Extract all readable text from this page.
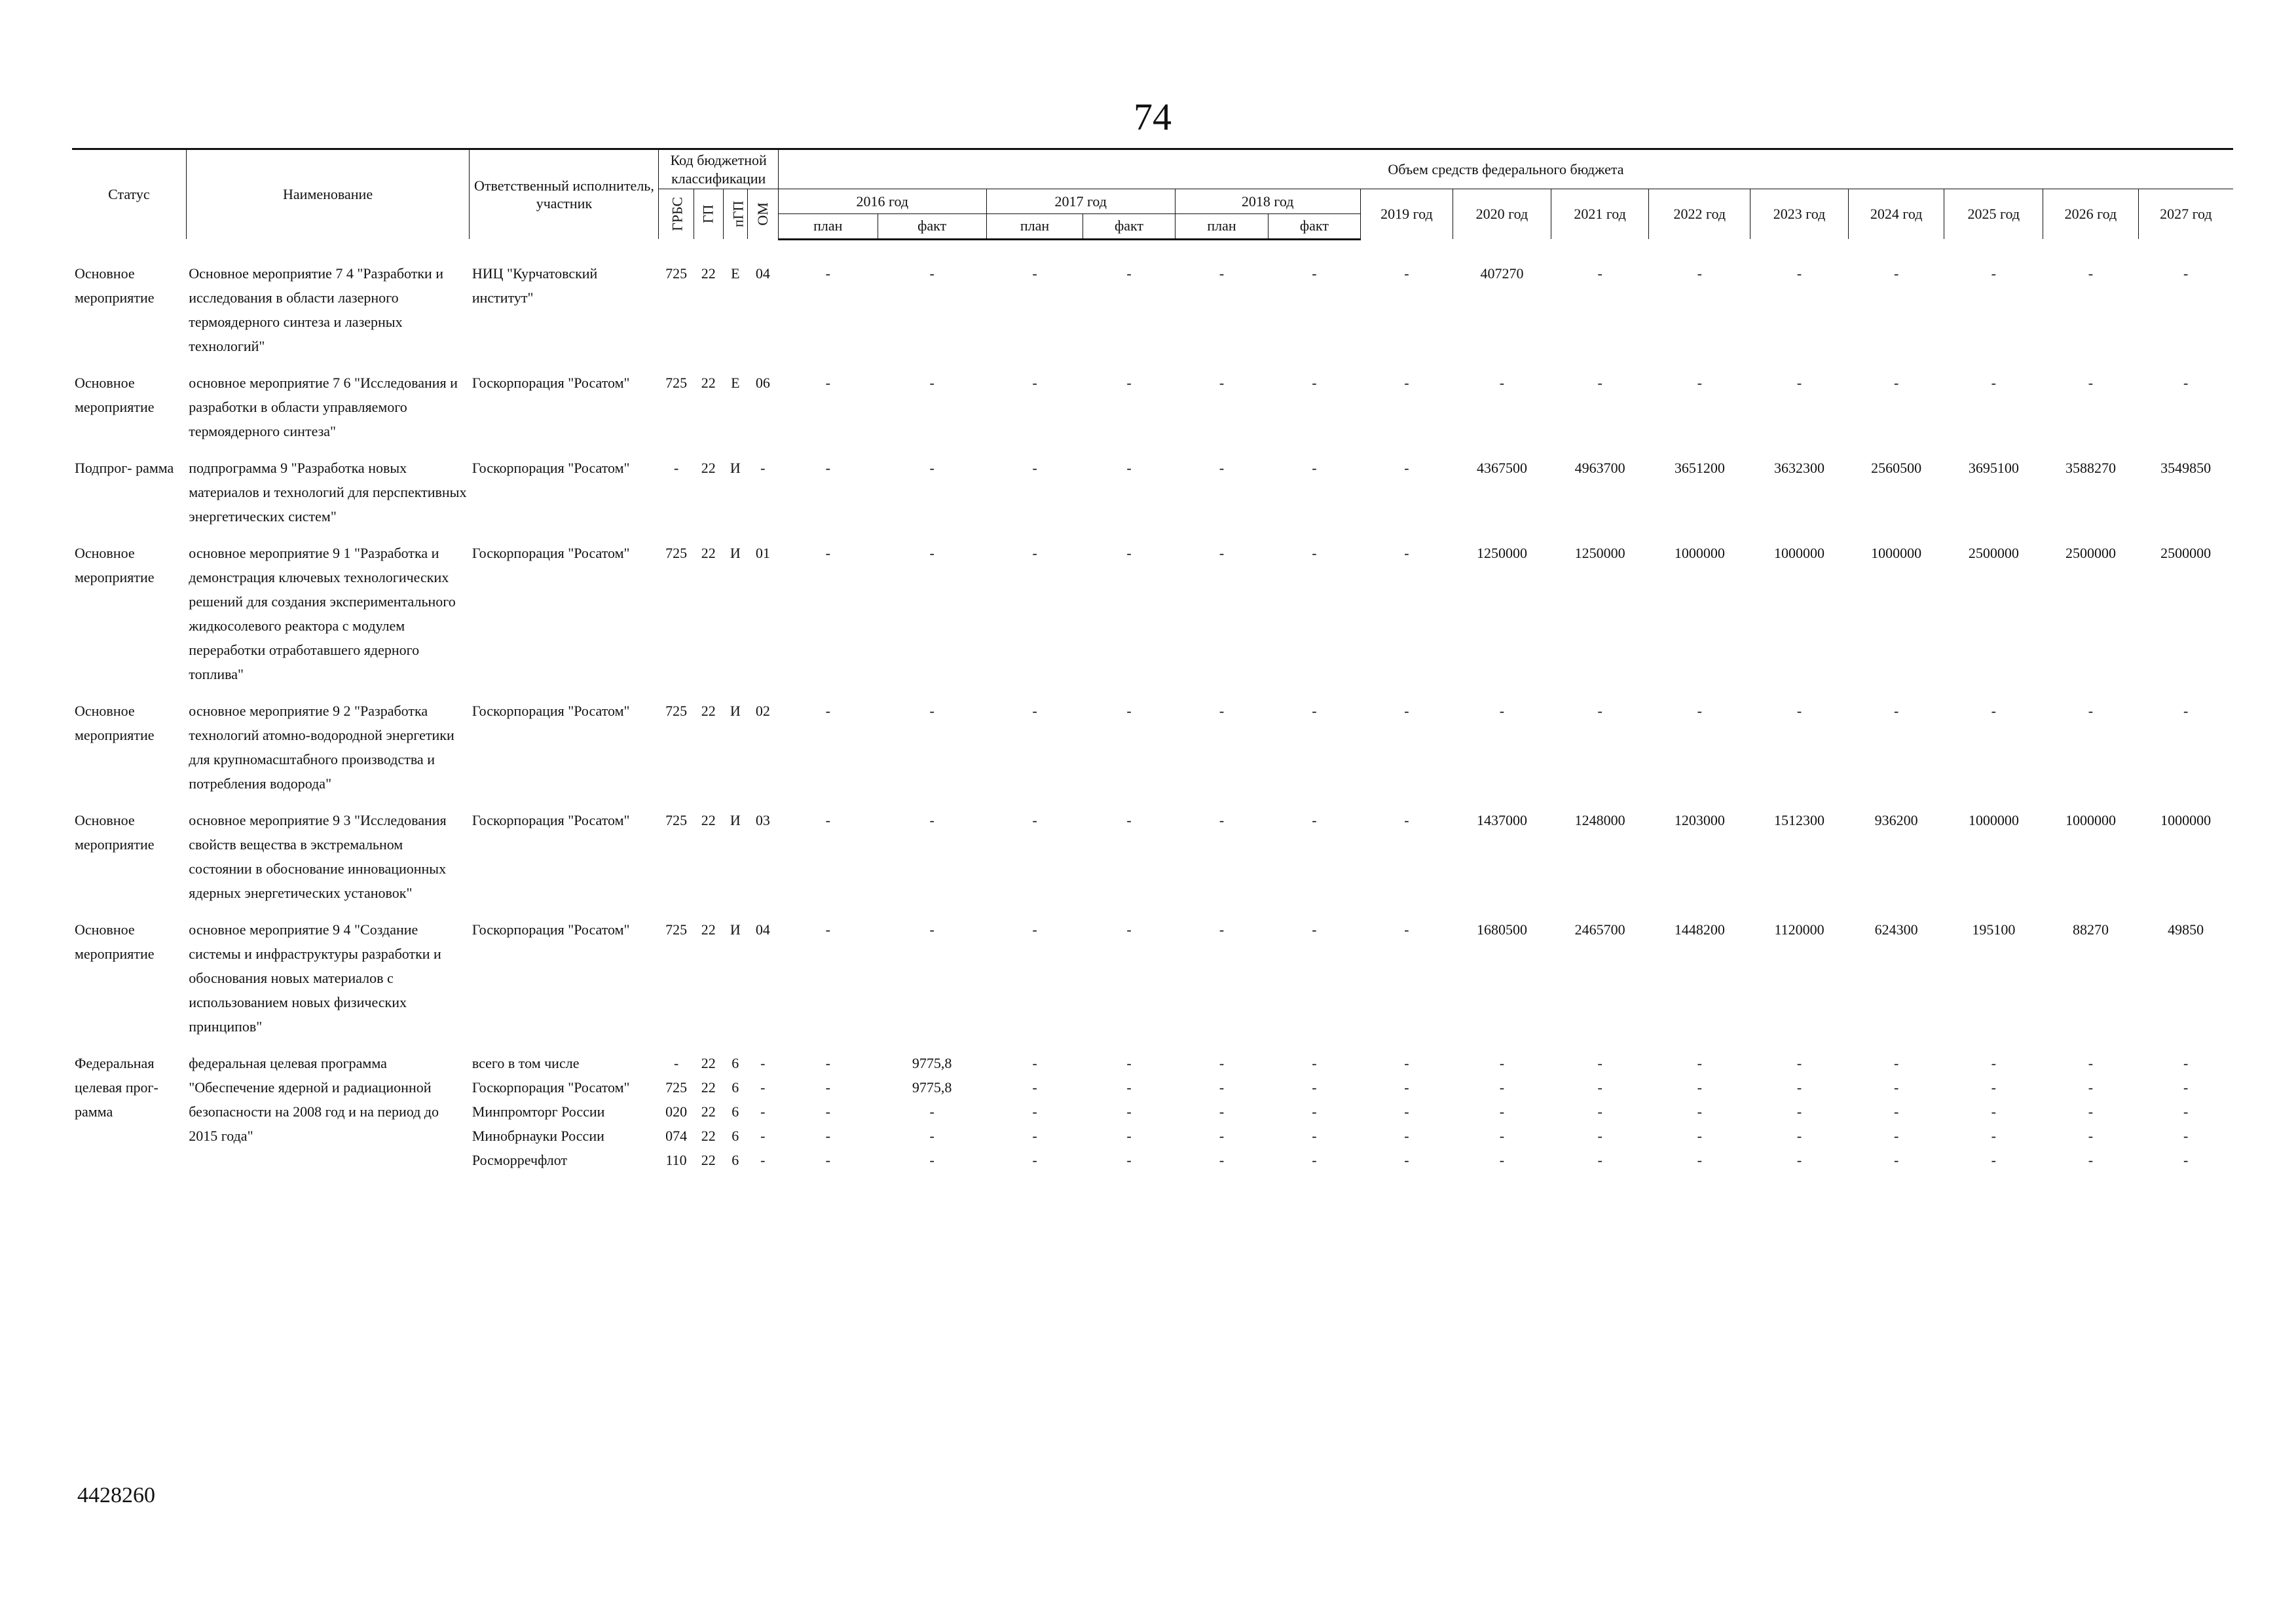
74
Статус	Наименование	Ответственный исполнитель, участник	Код бюджетной классификации				Объем средств федерального бюджета														
			ГРБС	ГП	пГП	ОМ	2016 год		2017 год		2018 год		2019 год	2020 год	2021 год	2022 год	2023 год	2024 год	2025 год	2026 год	2027 год
							план	факт	план	факт	план	факт									

Основное мероприятие	Основное мероприятие 7 4 "Разработки и исследования в области лазерного термоядерного синтеза и лазерных технологий"	НИЦ "Курчатовский институт"	725	22	Е	04	-	-	-	-	-	-	-	407270	-	-	-	-	-	-	-

Основное мероприятие	основное мероприятие 7 6 "Исследования и разработки в области управляемого термоядерного синтеза"	Госкорпорация "Росатом"	725	22	Е	06	-	-	-	-	-	-	-	-	-	-	-	-	-	-	-

Подпрог- рамма	подпрограмма 9 "Разработка новых материалов и технологий для перспективных энергетических систем"	Госкорпорация "Росатом"	-	22	И	-	-	-	-	-	-	-	-	4367500	4963700	3651200	3632300	2560500	3695100	3588270	3549850

Основное мероприятие	основное мероприятие 9 1 "Разработка и демонстрация ключевых технологических решений для создания экспериментального жидкосолевого реактора с модулем переработки отработавшего ядерного топлива"	Госкорпорация "Росатом"	725	22	И	01	-	-	-	-	-	-	-	1250000	1250000	1000000	1000000	1000000	2500000	2500000	2500000

Основное мероприятие	основное мероприятие 9 2 "Разработка технологий атомно-водородной энергетики для крупномасштабного производства и потребления водорода"	Госкорпорация "Росатом"	725	22	И	02	-	-	-	-	-	-	-	-	-	-	-	-	-	-	-

Основное мероприятие	основное мероприятие 9 3 "Исследования свойств вещества в экстремальном состоянии в обоснование инновационных ядерных энергетических установок"	Госкорпорация "Росатом"	725	22	И	03	-	-	-	-	-	-	-	1437000	1248000	1203000	1512300	936200	1000000	1000000	1000000

Основное мероприятие	основное мероприятие 9 4 "Создание системы и инфраструктуры разработки и обоснования новых материалов с использованием новых физических принципов"	Госкорпорация "Росатом"	725	22	И	04	-	-	-	-	-	-	-	1680500	2465700	1448200	1120000	624300	195100	88270	49850

Федеральная целевая прог- рамма	федеральная целевая программа "Обеспечение ядерной и радиационной безопасности на 2008 год и на период до 2015 года"	всего в том числе	-	22	6	-	-	9775,8	-	-	-	-	-	-	-	-	-	-	-	-	-
		Госкорпорация "Росатом"	725	22	6	-	-	9775,8	-	-	-	-	-	-	-	-	-	-	-	-	-
		Минпромторг России	020	22	6	-	-	-	-	-	-	-	-	-	-	-	-	-	-	-	-
		Минобрнауки России	074	22	6	-	-	-	-	-	-	-	-	-	-	-	-	-	-	-	-
		Росморречфлот	110	22	6	-	-	-	-	-	-	-	-	-	-	-	-	-	-	-	-
4428260
